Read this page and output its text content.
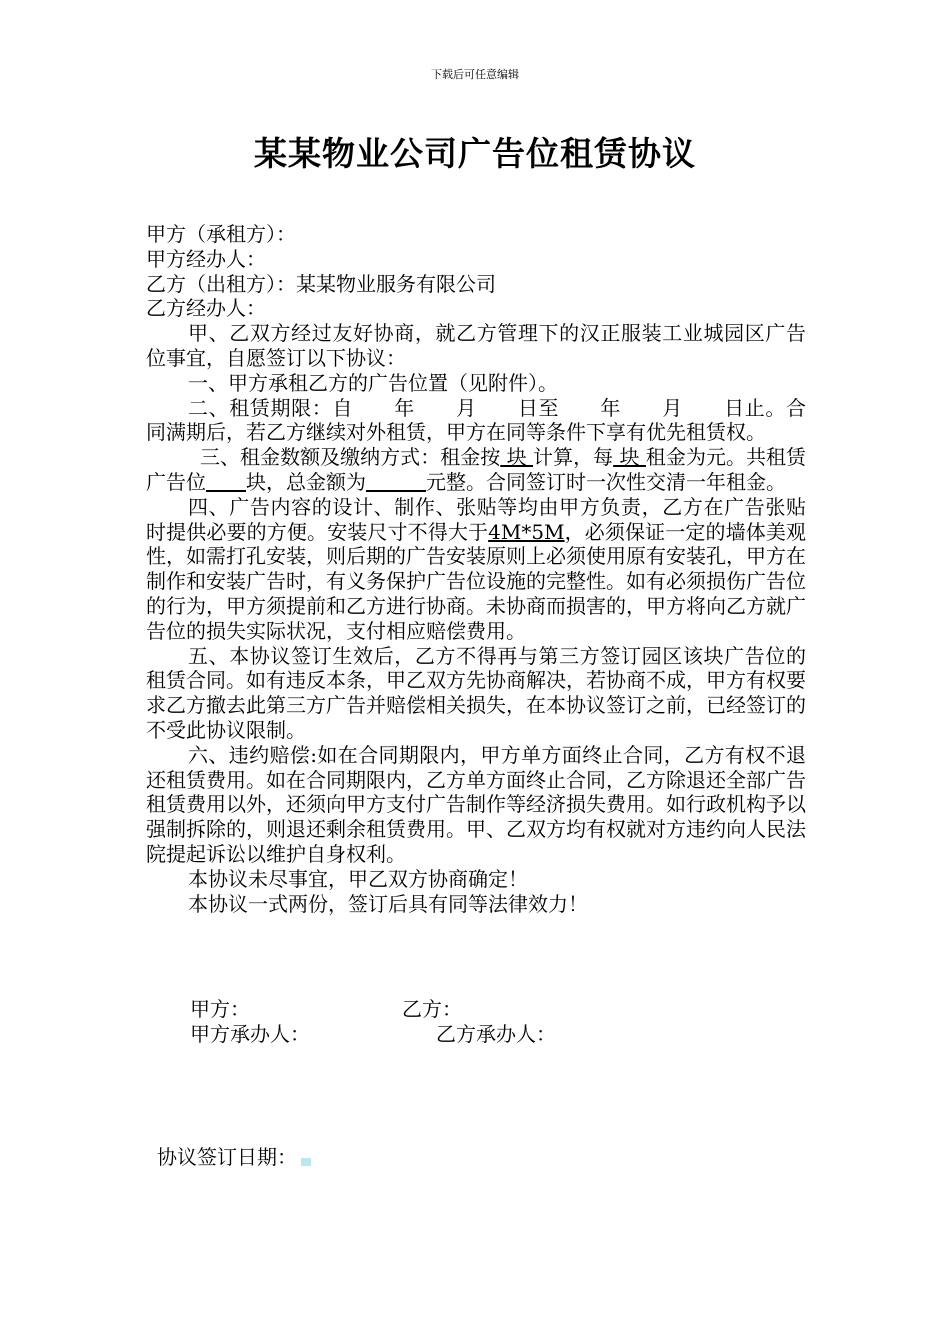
下载后可任意编辑
某某物业公司广告位租赁协议
甲方（承租方）：
甲方经办人：
乙方（出租方）：某某物业服务有限公司
乙方经办人：
甲、乙双方经过友好协商，就乙方管理下的汉正服装工业城园区广告位事宜，自愿签订以下协议：
一、甲方承租乙方的广告位置（见附件）。
二、租赁期限：自　　年　　月　　日至　　年　　月　　日止。合同满期后，若乙方继续对外租赁，甲方在同等条件下享有优先租赁权。
三、租金数额及缴纳方式：租金按 块 计算，每 块 租金为元。共租赁广告位　　 块，总金额为　　　	元整。合同签订时一次性交清一年租金。
四、广告内容的设计、制作、张贴等均由甲方负责，乙方在广告张贴时提供必要的方便。安装尺寸不得大于4M*5M，必须保证一定的墙体美观性，如需打孔安装，则后期的广告安装原则上必须使用原有安装孔，甲方在制作和安装广告时，有义务保护广告位设施的完整性。如有必须损伤广告位的行为，甲方须提前和乙方进行协商。未协商而损害的，甲方将向乙方就广告位的损失实际状况，支付相应赔偿费用。
五、本协议签订生效后，乙方不得再与第三方签订园区该块广告位的租赁合同。如有违反本条，甲乙双方先协商解决，若协商不成，甲方有权要求乙方撤去此第三方广告并赔偿相关损失，在本协议签订之前，已经签订的不受此协议限制。
六、违约赔偿:如在合同期限内，甲方单方面终止合同，乙方有权不退还租赁费用。如在合同期限内，乙方单方面终止合同，乙方除退还全部广告租赁费用以外，还须向甲方支付广告制作等经济损失费用。如行政机构予以强制拆除的，则退还剩余租赁费用。甲、乙双方均有权就对方违约向人民法院提起诉讼以维护自身权利。
本协议未尽事宜，甲乙双方协商确定！
本协议一式两份，签订后具有同等法律效力！
甲方：	乙方：
甲方承办人：	乙方承办人：
协议签订日期：
